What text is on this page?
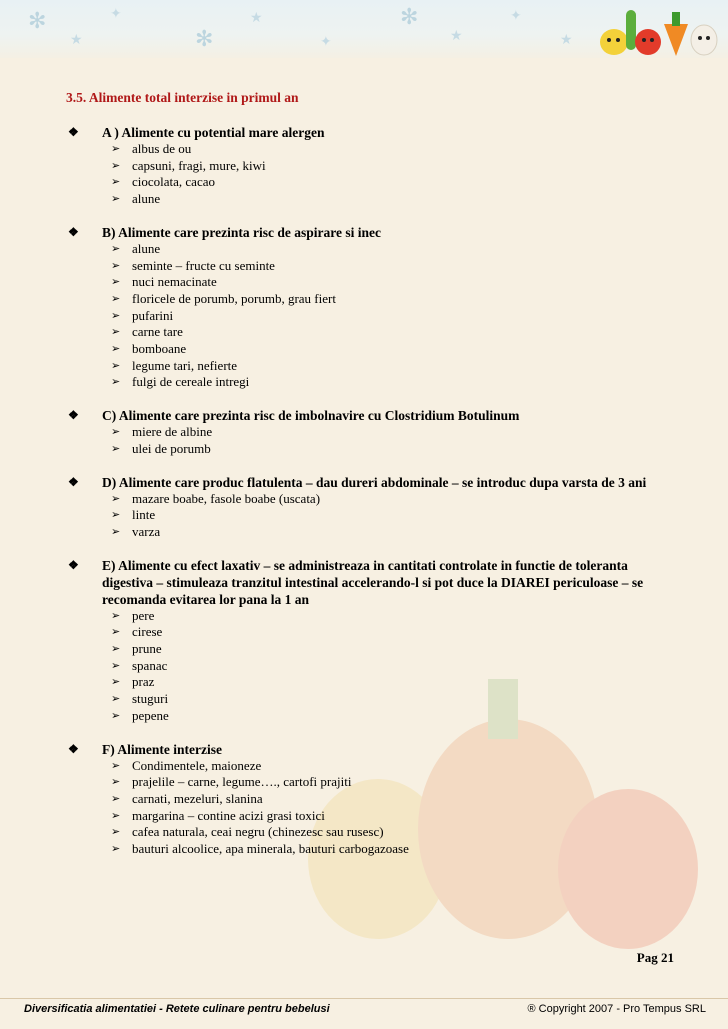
✻
★
✦
✻
★
✦
✻
★
✦
★
3.5. Alimente total interzise in primul an
❖	A ) Alimente cu potential mare alergen
➢ albus de ou
➢ capsuni, fragi, mure, kiwi
➢ ciocolata, cacao
➢ alune
❖	B) Alimente care prezinta risc de aspirare si inec
➢ alune
➢ seminte – fructe cu seminte
➢ nuci nemacinate
➢ floricele de porumb, porumb, grau fiert
➢ pufarini
➢ carne tare
➢ bomboane
➢ legume tari, nefierte
➢ fulgi de cereale intregi
❖	C) Alimente care prezinta risc de imbolnavire cu Clostridium Botulinum
➢ miere de albine
➢ ulei de porumb
❖	D) Alimente care produc flatulenta – dau dureri abdominale – se introduc dupa varsta de 3 ani
➢ mazare boabe, fasole boabe (uscata)
➢ linte
➢ varza
❖	E) Alimente cu efect laxativ – se administreaza in cantitati controlate in functie de toleranta digestiva – stimuleaza tranzitul intestinal accelerando-l si pot duce la DIAREI periculoase – se recomanda evitarea lor pana la 1 an
➢ pere
➢ cirese
➢ prune
➢ spanac
➢ praz
➢ stuguri
➢ pepene
❖	F) Alimente interzise
➢ Condimentele, maioneze
➢ prajelile – carne, legume…., cartofi prajiti
➢ carnati, mezeluri, slanina
➢ margarina – contine acizi grasi toxici
➢ cafea naturala, ceai negru (chinezesc sau rusesc)
➢ bauturi alcoolice, apa minerala, bauturi carbogazoase
Pag 21
Diversificatia alimentatiei - Retete culinare pentru bebelusi	® Copyright 2007 - Pro Tempus SRL
